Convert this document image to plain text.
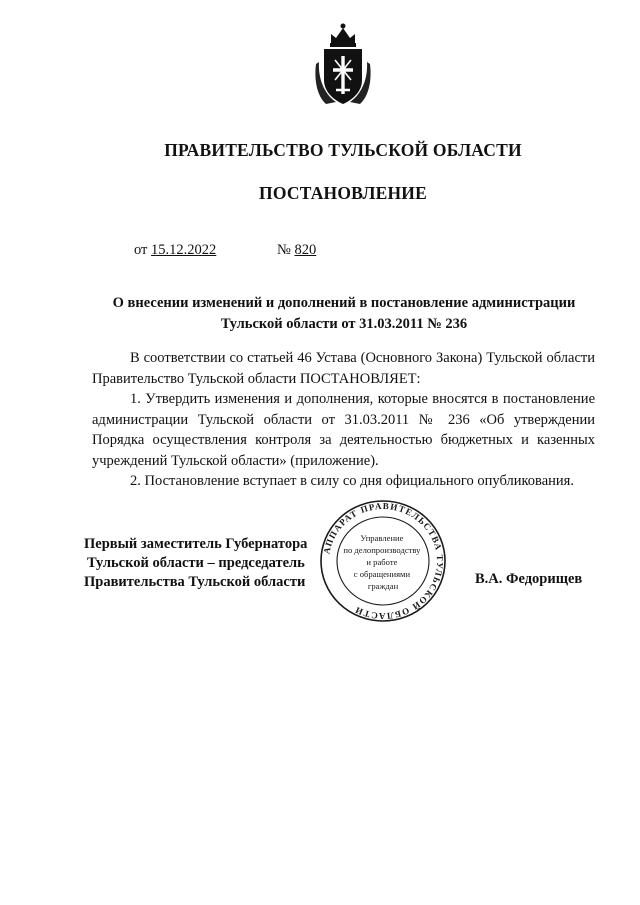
ПРАВИТЕЛЬСТВО ТУЛЬСКОЙ ОБЛАСТИ
ПОСТАНОВЛЕНИЕ
от 15.12.2022	№ 820
О внесении изменений и дополнений в постановление администрации
Тульской области от 31.03.2011 № 236

В соответствии со статьей 46 Устава (Основного Закона) Тульской области Правительство Тульской области ПОСТАНОВЛЯЕТ:

1. Утвердить изменения и дополнения, которые вносятся в постановление администрации Тульской области от 31.03.2011 № 236 «Об утверждении Порядка осуществления контроля за деятельностью бюджетных и казенных учреждений Тульской области» (приложение).

2. Постановление вступает в силу со дня официального опубликования.

Первый заместитель Губернатора
Тульской области – председатель
Правительства Тульской области
АППАРАТ ПРАВИТЕЛЬСТВА ТУЛЬСКОЙ ОБЛАСТИ
Управление по делопроизводству и работе с обращениями граждан	В.А. Федорищев
